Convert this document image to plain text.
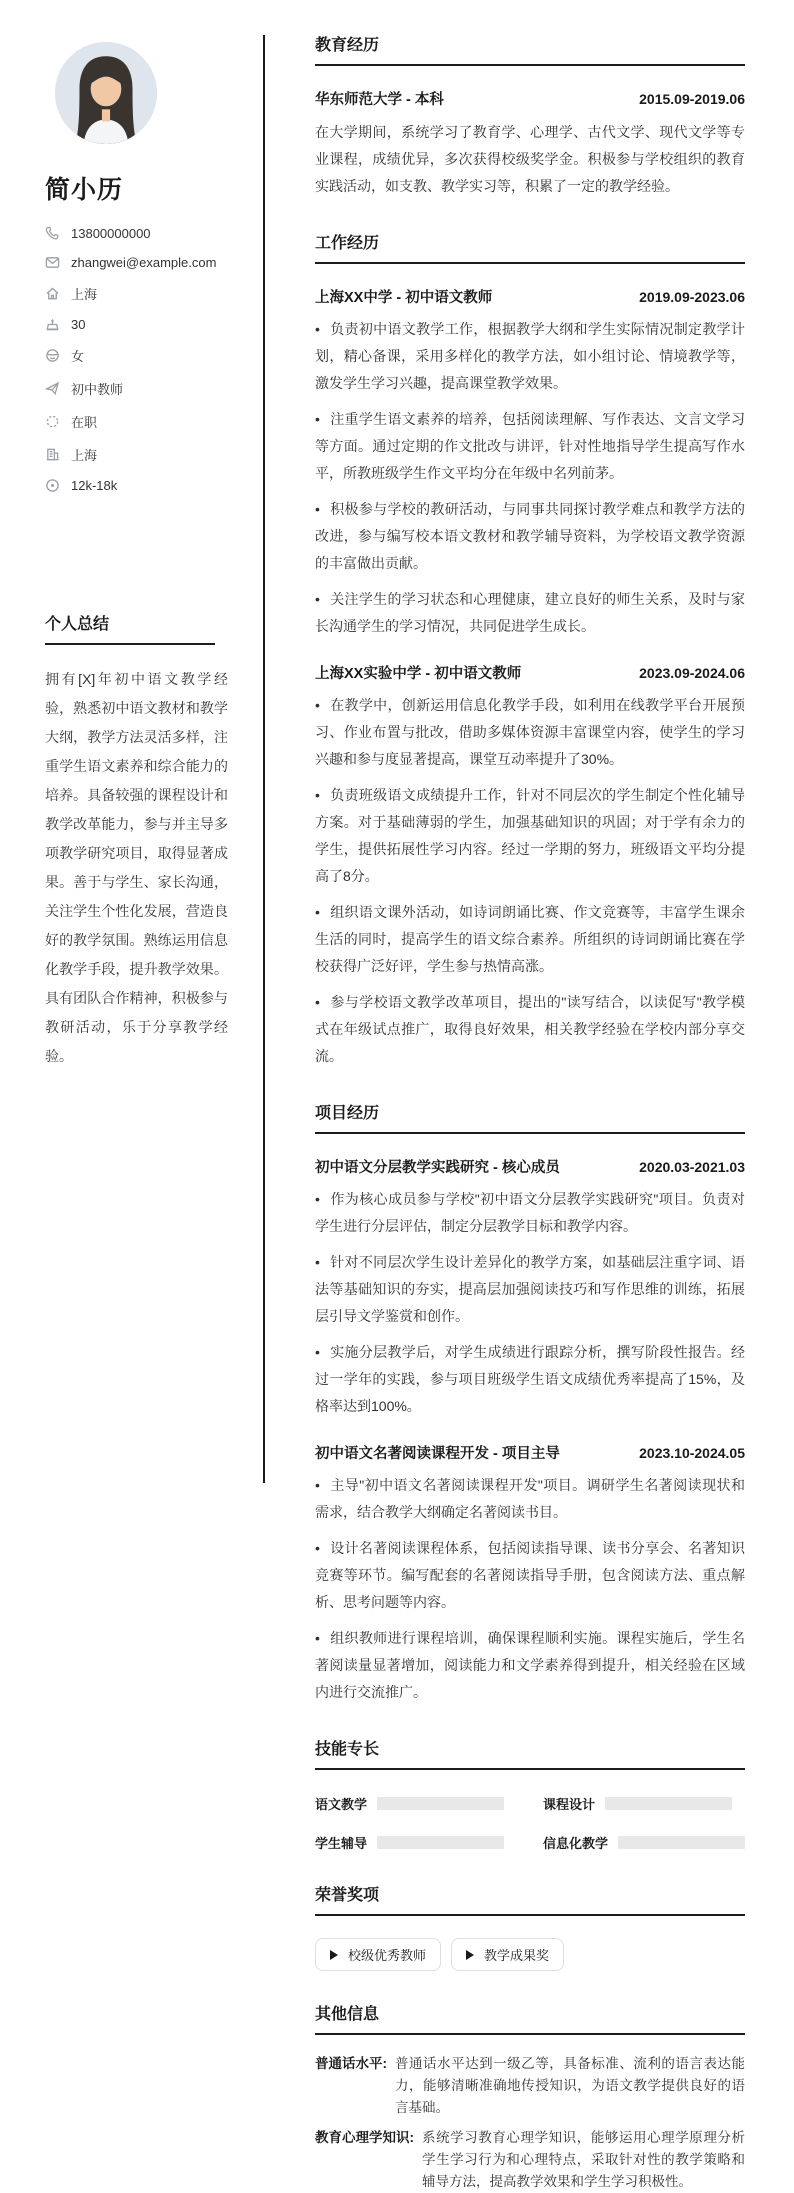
简小历
13800000000
zhangwei@example.com
上海
30
女
初中教师
在职
上海
12k-18k
个人总结

拥有[X]年初中语文教学经验，熟悉初中语文教材和教学大纲，教学方法灵活多样，注重学生语文素养和综合能力的培养。具备较强的课程设计和教学改革能力，参与并主导多项教学研究项目，取得显著成果。善于与学生、家长沟通，关注学生个性化发展，营造良好的教学氛围。熟练运用信息化教学手段，提升教学效果。具有团队合作精神，积极参与教研活动，乐于分享教学经验。

教育经历
华东师范大学 - 本科	2015.09-2019.06

在大学期间，系统学习了教育学、心理学、古代文学、现代文学等专业课程，成绩优异，多次获得校级奖学金。积极参与学校组织的教育实践活动，如支教、教学实习等，积累了一定的教学经验。

工作经历
上海XX中学 - 初中语文教师	2019.09-2023.06
• 负责初中语文教学工作，根据教学大纲和学生实际情况制定教学计划，精心备课，采用多样化的教学方法，如小组讨论、情境教学等，激发学生学习兴趣，提高课堂教学效果。
• 注重学生语文素养的培养，包括阅读理解、写作表达、文言文学习等方面。通过定期的作文批改与讲评，针对性地指导学生提高写作水平，所教班级学生作文平均分在年级中名列前茅。
• 积极参与学校的教研活动，与同事共同探讨教学难点和教学方法的改进，参与编写校本语文教材和教学辅导资料，为学校语文教学资源的丰富做出贡献。
• 关注学生的学习状态和心理健康，建立良好的师生关系，及时与家长沟通学生的学习情况，共同促进学生成长。
上海XX实验中学 - 初中语文教师	2023.09-2024.06
• 在教学中，创新运用信息化教学手段，如利用在线教学平台开展预习、作业布置与批改，借助多媒体资源丰富课堂内容，使学生的学习兴趣和参与度显著提高，课堂互动率提升了30%。
• 负责班级语文成绩提升工作，针对不同层次的学生制定个性化辅导方案。对于基础薄弱的学生，加强基础知识的巩固；对于学有余力的学生，提供拓展性学习内容。经过一学期的努力，班级语文平均分提高了8分。
• 组织语文课外活动，如诗词朗诵比赛、作文竞赛等，丰富学生课余生活的同时，提高学生的语文综合素养。所组织的诗词朗诵比赛在学校获得广泛好评，学生参与热情高涨。
• 参与学校语文教学改革项目，提出的"读写结合，以读促写"教学模式在年级试点推广，取得良好效果，相关教学经验在学校内部分享交流。
项目经历
初中语文分层教学实践研究 - 核心成员	2020.03-2021.03
• 作为核心成员参与学校"初中语文分层教学实践研究"项目。负责对学生进行分层评估，制定分层教学目标和教学内容。
• 针对不同层次学生设计差异化的教学方案，如基础层注重字词、语法等基础知识的夯实，提高层加强阅读技巧和写作思维的训练，拓展层引导文学鉴赏和创作。
• 实施分层教学后，对学生成绩进行跟踪分析，撰写阶段性报告。经过一学年的实践，参与项目班级学生语文成绩优秀率提高了15%，及格率达到100%。
初中语文名著阅读课程开发 - 项目主导	2023.10-2024.05
• 主导"初中语文名著阅读课程开发"项目。调研学生名著阅读现状和需求，结合教学大纲确定名著阅读书目。
• 设计名著阅读课程体系，包括阅读指导课、读书分享会、名著知识竞赛等环节。编写配套的名著阅读指导手册，包含阅读方法、重点解析、思考问题等内容。
• 组织教师进行课程培训，确保课程顺利实施。课程实施后，学生名著阅读量显著增加，阅读能力和文学素养得到提升，相关经验在区域内进行交流推广。
技能专长
语文教学	课程设计
学生辅导	信息化教学
荣誉奖项
校级优秀教师	教学成果奖
其他信息
普通话水平: 普通话水平达到一级乙等，具备标准、流利的语言表达能力，能够清晰准确地传授知识，为语文教学提供良好的语言基础。
教育心理学知识: 系统学习教育心理学知识，能够运用心理学原理分析学生学习行为和心理特点，采取针对性的教学策略和辅导方法，提高教学效果和学生学习积极性。
